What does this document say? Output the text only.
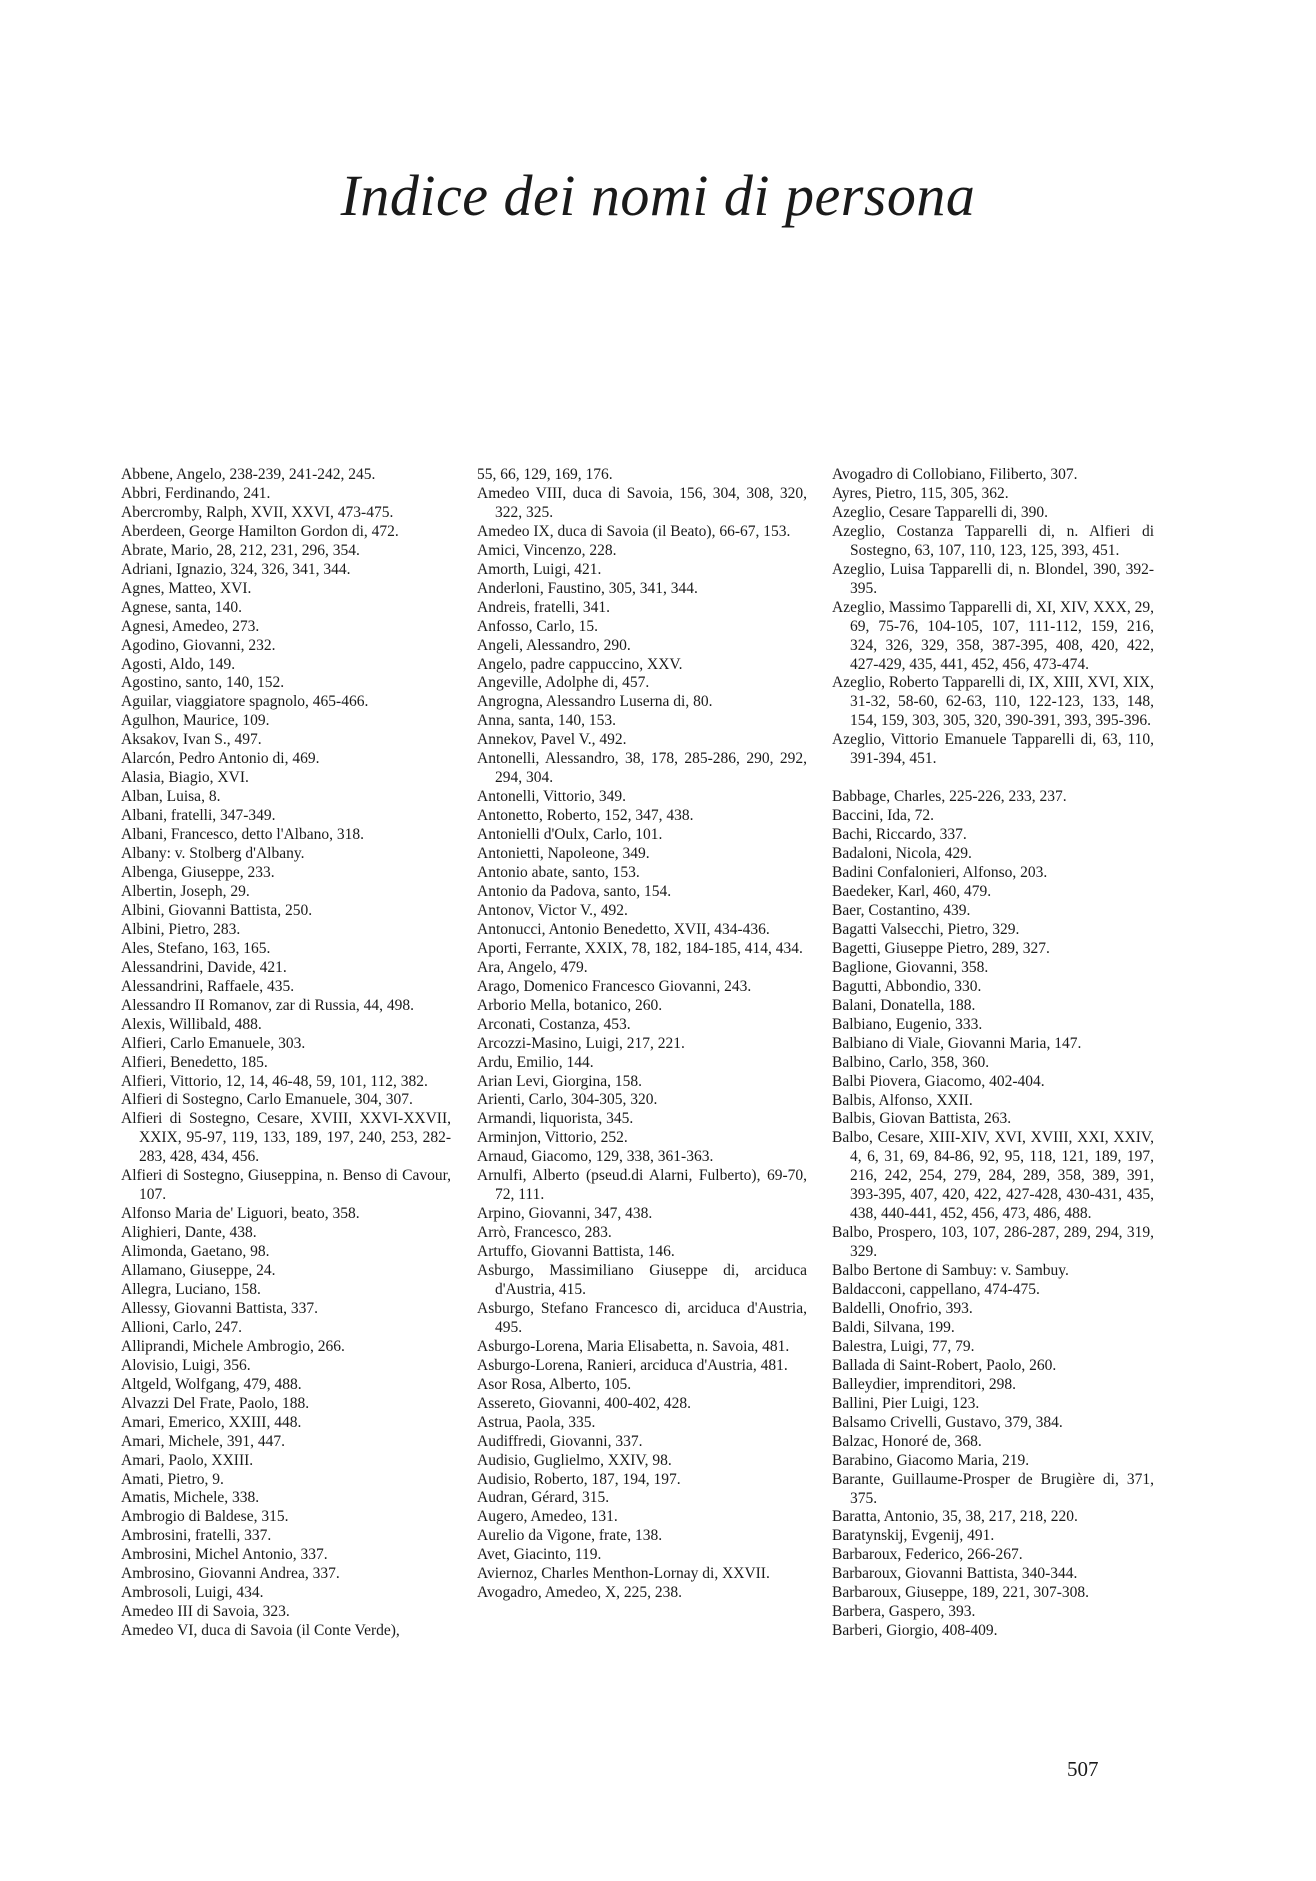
Indice dei nomi di persona
Abbene, Angelo, 238-239, 241-242, 245.
Abbri, Ferdinando, 241.
Abercromby, Ralph, XVII, XXVI, 473-475.
Aberdeen, George Hamilton Gordon di, 472.
Abrate, Mario, 28, 212, 231, 296, 354.
Adriani, Ignazio, 324, 326, 341, 344.
Agnes, Matteo, XVI.
Agnese, santa, 140.
Agnesi, Amedeo, 273.
Agodino, Giovanni, 232.
Agosti, Aldo, 149.
Agostino, santo, 140, 152.
Aguilar, viaggiatore spagnolo, 465-466.
Agulhon, Maurice, 109.
Aksakov, Ivan S., 497.
Alarcón, Pedro Antonio di, 469.
Alasia, Biagio, XVI.
Alban, Luisa, 8.
Albani, fratelli, 347-349.
Albani, Francesco, detto l'Albano, 318.
Albany: v. Stolberg d'Albany.
Albenga, Giuseppe, 233.
Albertin, Joseph, 29.
Albini, Giovanni Battista, 250.
Albini, Pietro, 283.
Ales, Stefano, 163, 165.
Alessandrini, Davide, 421.
Alessandrini, Raffaele, 435.
Alessandro II Romanov, zar di Russia, 44, 498.
Alexis, Willibald, 488.
Alfieri, Carlo Emanuele, 303.
Alfieri, Benedetto, 185.
Alfieri, Vittorio, 12, 14, 46-48, 59, 101, 112, 382.
Alfieri di Sostegno, Carlo Emanuele, 304, 307.
Alfieri di Sostegno, Cesare, XVIII, XXVI-XXVII, XXIX, 95-97, 119, 133, 189, 197, 240, 253, 282-283, 428, 434, 456.
Alfieri di Sostegno, Giuseppina, n. Benso di Cavour, 107.
Alfonso Maria de' Liguori, beato, 358.
Alighieri, Dante, 438.
Alimonda, Gaetano, 98.
Allamano, Giuseppe, 24.
Allegra, Luciano, 158.
Allessy, Giovanni Battista, 337.
Allioni, Carlo, 247.
Alliprandi, Michele Ambrogio, 266.
Alovisio, Luigi, 356.
Altgeld, Wolfgang, 479, 488.
Alvazzi Del Frate, Paolo, 188.
Amari, Emerico, XXIII, 448.
Amari, Michele, 391, 447.
Amari, Paolo, XXIII.
Amati, Pietro, 9.
Amatis, Michele, 338.
Ambrogio di Baldese, 315.
Ambrosini, fratelli, 337.
Ambrosini, Michel Antonio, 337.
Ambrosino, Giovanni Andrea, 337.
Ambrosoli, Luigi, 434.
Amedeo III di Savoia, 323.
Amedeo VI, duca di Savoia (il Conte Verde),
55, 66, 129, 169, 176.
Amedeo VIII, duca di Savoia, 156, 304, 308, 320, 322, 325.
Amedeo IX, duca di Savoia (il Beato), 66-67, 153.
Amici, Vincenzo, 228.
Amorth, Luigi, 421.
Anderloni, Faustino, 305, 341, 344.
Andreis, fratelli, 341.
Anfosso, Carlo, 15.
Angeli, Alessandro, 290.
Angelo, padre cappuccino, XXV.
Angeville, Adolphe di, 457.
Angrogna, Alessandro Luserna di, 80.
Anna, santa, 140, 153.
Annekov, Pavel V., 492.
Antonelli, Alessandro, 38, 178, 285-286, 290, 292, 294, 304.
Antonelli, Vittorio, 349.
Antonetto, Roberto, 152, 347, 438.
Antonielli d'Oulx, Carlo, 101.
Antonietti, Napoleone, 349.
Antonio abate, santo, 153.
Antonio da Padova, santo, 154.
Antonov, Victor V., 492.
Antonucci, Antonio Benedetto, XVII, 434-436.
Aporti, Ferrante, XXIX, 78, 182, 184-185, 414, 434.
Ara, Angelo, 479.
Arago, Domenico Francesco Giovanni, 243.
Arborio Mella, botanico, 260.
Arconati, Costanza, 453.
Arcozzi-Masino, Luigi, 217, 221.
Ardu, Emilio, 144.
Arian Levi, Giorgina, 158.
Arienti, Carlo, 304-305, 320.
Armandi, liquorista, 345.
Arminjon, Vittorio, 252.
Arnaud, Giacomo, 129, 338, 361-363.
Arnulfi, Alberto (pseud.di Alarni, Fulberto), 69-70, 72, 111.
Arpino, Giovanni, 347, 438.
Arrò, Francesco, 283.
Artuffo, Giovanni Battista, 146.
Asburgo, Massimiliano Giuseppe di, arciduca d'Austria, 415.
Asburgo, Stefano Francesco di, arciduca d'Austria, 495.
Asburgo-Lorena, Maria Elisabetta, n. Savoia, 481.
Asburgo-Lorena, Ranieri, arciduca d'Austria, 481.
Asor Rosa, Alberto, 105.
Assereto, Giovanni, 400-402, 428.
Astrua, Paola, 335.
Audiffredi, Giovanni, 337.
Audisio, Guglielmo, XXIV, 98.
Audisio, Roberto, 187, 194, 197.
Audran, Gérard, 315.
Augero, Amedeo, 131.
Aurelio da Vigone, frate, 138.
Avet, Giacinto, 119.
Aviernoz, Charles Menthon-Lornay di, XXVII.
Avogadro, Amedeo, X, 225, 238.
Avogadro di Collobiano, Filiberto, 307.
Ayres, Pietro, 115, 305, 362.
Azeglio, Cesare Tapparelli di, 390.
Azeglio, Costanza Tapparelli di, n. Alfieri di Sostegno, 63, 107, 110, 123, 125, 393, 451.
Azeglio, Luisa Tapparelli di, n. Blondel, 390, 392-395.
Azeglio, Massimo Tapparelli di, XI, XIV, XXX, 29, 69, 75-76, 104-105, 107, 111-112, 159, 216, 324, 326, 329, 358, 387-395, 408, 420, 422, 427-429, 435, 441, 452, 456, 473-474.
Azeglio, Roberto Tapparelli di, IX, XIII, XVI, XIX, 31-32, 58-60, 62-63, 110, 122-123, 133, 148, 154, 159, 303, 305, 320, 390-391, 393, 395-396.
Azeglio, Vittorio Emanuele Tapparelli di, 63, 110, 391-394, 451.
Babbage, Charles, 225-226, 233, 237.
Baccini, Ida, 72.
Bachi, Riccardo, 337.
Badaloni, Nicola, 429.
Badini Confalonieri, Alfonso, 203.
Baedeker, Karl, 460, 479.
Baer, Costantino, 439.
Bagatti Valsecchi, Pietro, 329.
Bagetti, Giuseppe Pietro, 289, 327.
Baglione, Giovanni, 358.
Bagutti, Abbondio, 330.
Balani, Donatella, 188.
Balbiano, Eugenio, 333.
Balbiano di Viale, Giovanni Maria, 147.
Balbino, Carlo, 358, 360.
Balbi Piovera, Giacomo, 402-404.
Balbis, Alfonso, XXII.
Balbis, Giovan Battista, 263.
Balbo, Cesare, XIII-XIV, XVI, XVIII, XXI, XXIV, 4, 6, 31, 69, 84-86, 92, 95, 118, 121, 189, 197, 216, 242, 254, 279, 284, 289, 358, 389, 391, 393-395, 407, 420, 422, 427-428, 430-431, 435, 438, 440-441, 452, 456, 473, 486, 488.
Balbo, Prospero, 103, 107, 286-287, 289, 294, 319, 329.
Balbo Bertone di Sambuy: v. Sambuy.
Baldacconi, cappellano, 474-475.
Baldelli, Onofrio, 393.
Baldi, Silvana, 199.
Balestra, Luigi, 77, 79.
Ballada di Saint-Robert, Paolo, 260.
Balleydier, imprenditori, 298.
Ballini, Pier Luigi, 123.
Balsamo Crivelli, Gustavo, 379, 384.
Balzac, Honoré de, 368.
Barabino, Giacomo Maria, 219.
Barante, Guillaume-Prosper de Brugière di, 371, 375.
Baratta, Antonio, 35, 38, 217, 218, 220.
Baratynskij, Evgenij, 491.
Barbaroux, Federico, 266-267.
Barbaroux, Giovanni Battista, 340-344.
Barbaroux, Giuseppe, 189, 221, 307-308.
Barbera, Gaspero, 393.
Barberi, Giorgio, 408-409.
507
